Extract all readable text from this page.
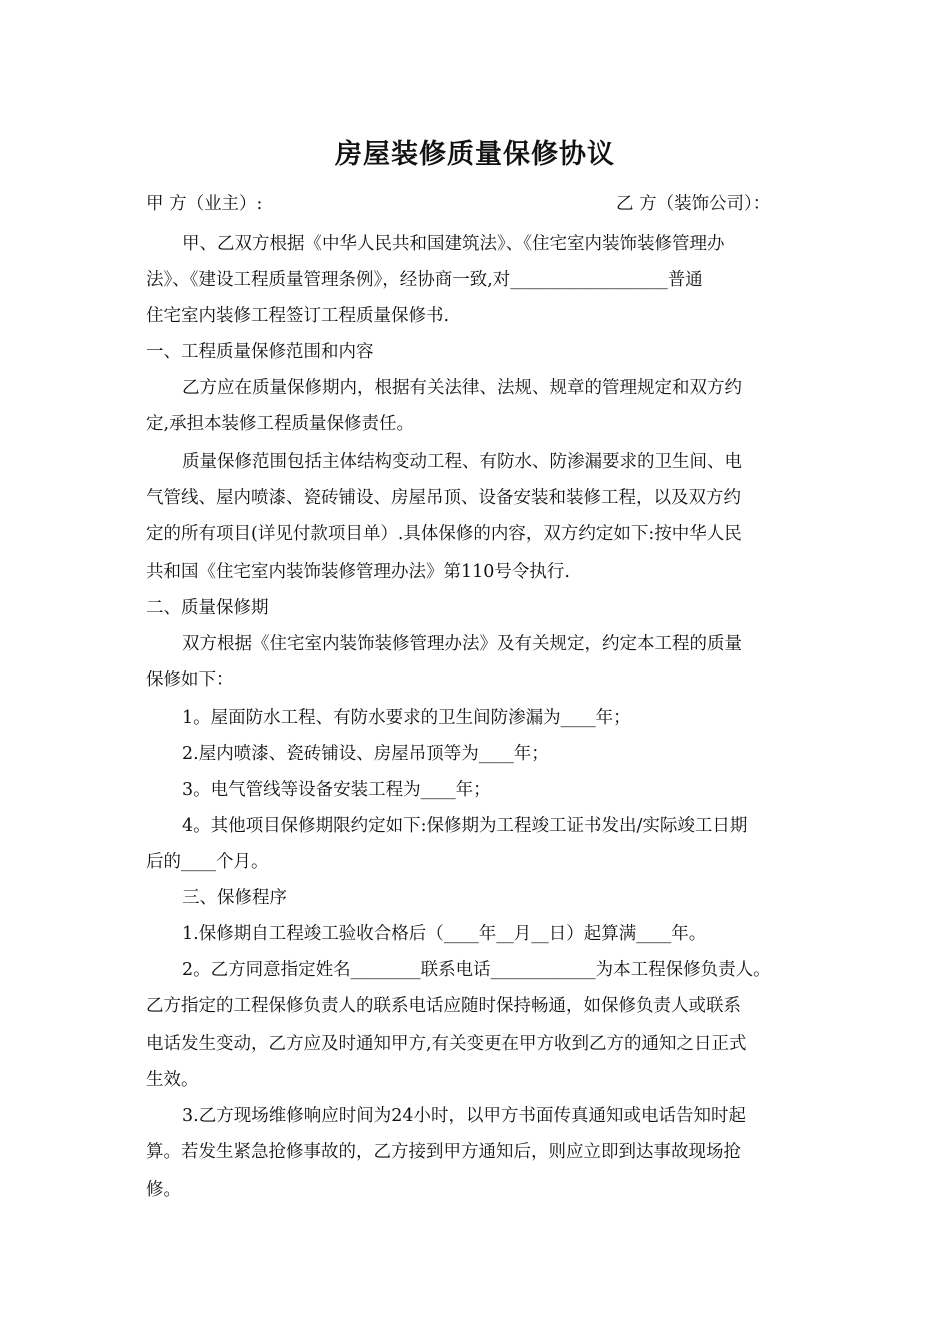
房屋装修质量保修协议
甲 方（业主）:	乙 方（装饰公司）：
甲、乙双方根据《中华人民共和国建筑法》、《住宅室内装饰装修管理办
法》、《建设工程质量管理条例》，经协商一致,对__________________普通
住宅室内装修工程签订工程质量保修书.
一、工程质量保修范围和内容
乙方应在质量保修期内，根据有关法律、法规、规章的管理规定和双方约
定,承担本装修工程质量保修责任。
质量保修范围包括主体结构变动工程、有防水、防渗漏要求的卫生间、电
气管线、屋内喷漆、瓷砖铺设、房屋吊顶、设备安装和装修工程，以及双方约
定的所有项目(详见付款项目单）.具体保修的内容，双方约定如下:按中华人民
共和国《住宅室内装饰装修管理办法》第110号令执行.
二、质量保修期
双方根据《住宅室内装饰装修管理办法》及有关规定，约定本工程的质量
保修如下：
1。屋面防水工程、有防水要求的卫生间防渗漏为____年；
2.屋内喷漆、瓷砖铺设、房屋吊顶等为____年；
3。电气管线等设备安装工程为____年；
4。其他项目保修期限约定如下:保修期为工程竣工证书发出/实际竣工日期
后的____个月。
三、保修程序
1.保修期自工程竣工验收合格后（____年__月__日）起算满____年。
2。乙方同意指定姓名________联系电话____________为本工程保修负责人。
乙方指定的工程保修负责人的联系电话应随时保持畅通，如保修负责人或联系
电话发生变动，乙方应及时通知甲方,有关变更在甲方收到乙方的通知之日正式
生效。
3.乙方现场维修响应时间为24小时，以甲方书面传真通知或电话告知时起
算。若发生紧急抢修事故的，乙方接到甲方通知后，则应立即到达事故现场抢
修。
